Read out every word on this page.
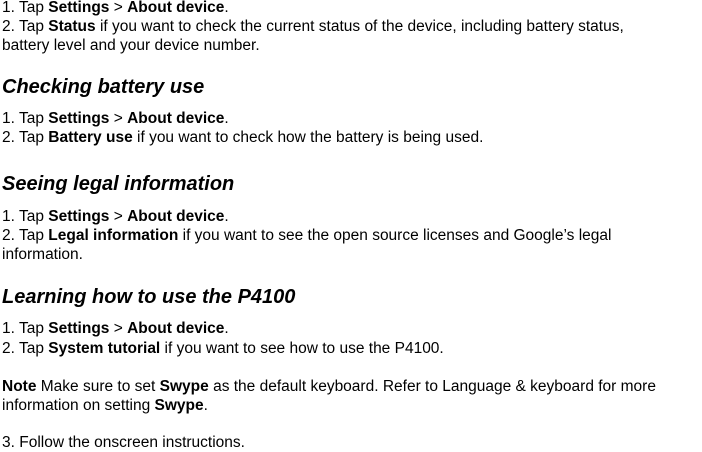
1. Tap Settings > About device.
2. Tap Status if you want to check the current status of the device, including battery status,
battery level and your device number.
Checking battery use
1. Tap Settings > About device.
2. Tap Battery use if you want to check how the battery is being used.
Seeing legal information
1. Tap Settings > About device.
2. Tap Legal information if you want to see the open source licenses and Google’s legal
information.
Learning how to use the P4100
1. Tap Settings > About device.
2. Tap System tutorial if you want to see how to use the P4100.
Note Make sure to set Swype as the default keyboard. Refer to Language & keyboard for more
information on setting Swype.
3. Follow the onscreen instructions.
